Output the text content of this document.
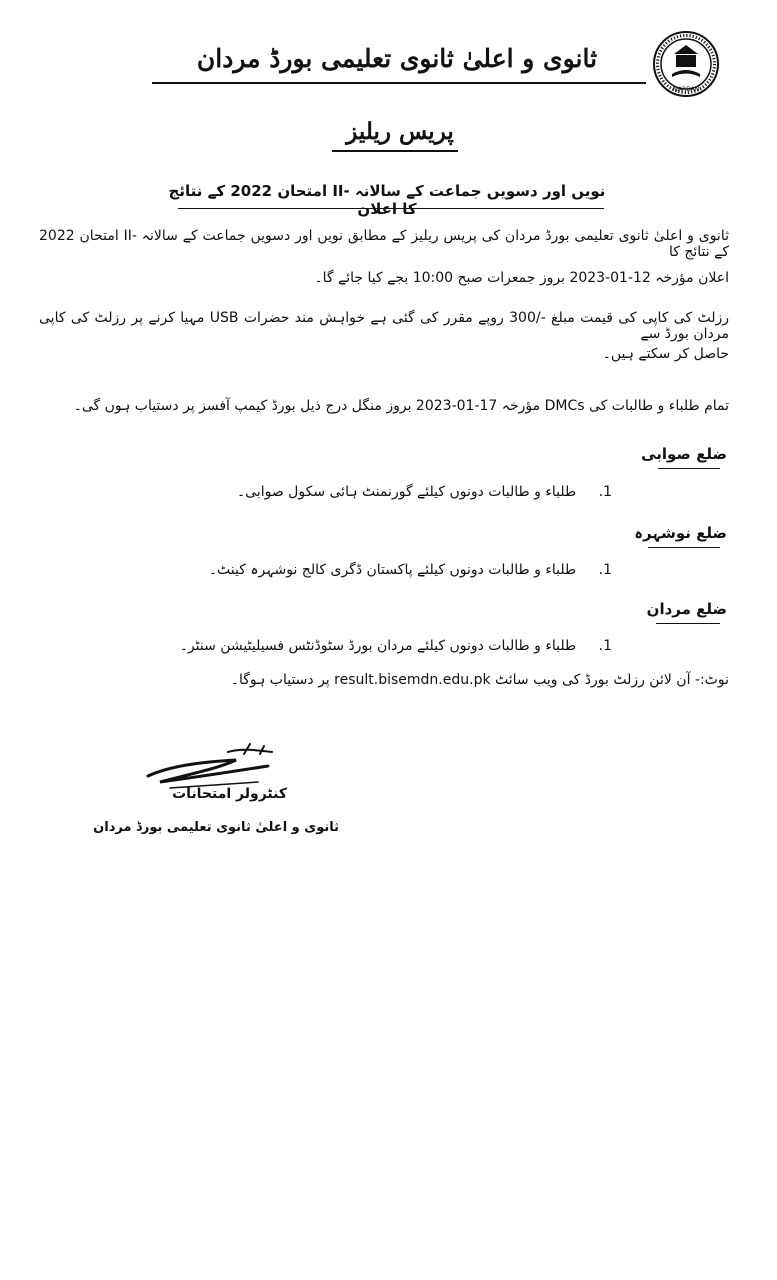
MARDAN
ثانوی و اعلیٰ ثانوی تعلیمی بورڈ مردان
پریس ریلیز
نویں اور دسویں جماعت کے سالانہ -II امتحان 2022 کے نتائج کا اعلان
ثانوی و اعلیٰ ثانوی تعلیمی بورڈ مردان کی پریس ریلیز کے مطابق نویں اور دسویں جماعت کے سالانہ -II امتحان 2022 کے نتائج کا
اعلان مؤرخہ 12-01-2023 بروز جمعرات صبح 10:00 بجے کیا جائے گا۔
رزلٹ کی کاپی کی قیمت مبلغ -/300 روپے مقرر کی گئی ہے خواہش مند حضرات USB مہیا کرنے پر رزلٹ کی کاپی مردان بورڈ سے
حاصل کر سکتے ہیں۔
تمام طلباء و طالبات کی DMCs مؤرخہ 17-01-2023 بروز منگل درج ذیل بورڈ کیمپ آفسز پر دستیاب ہوں گی۔
ضلع صوابی
1. طلباء و طالبات دونوں کیلئے گورنمنٹ ہائی سکول صوابی۔
ضلع نوشہرہ
1. طلباء و طالبات دونوں کیلئے پاکستان ڈگری کالج نوشہرہ کینٹ۔
ضلع مردان
1. طلباء و طالبات دونوں کیلئے مردان بورڈ سٹوڈنٹس فسیلیٹیشن سنٹر۔
نوٹ:- آن لائن رزلٹ بورڈ کی ویب سائٹ result.bisemdn.edu.pk پر دستیاب ہوگا۔
کنٹرولر امتحانات
ثانوی و اعلیٰ ثانوی تعلیمی بورڈ مردان
